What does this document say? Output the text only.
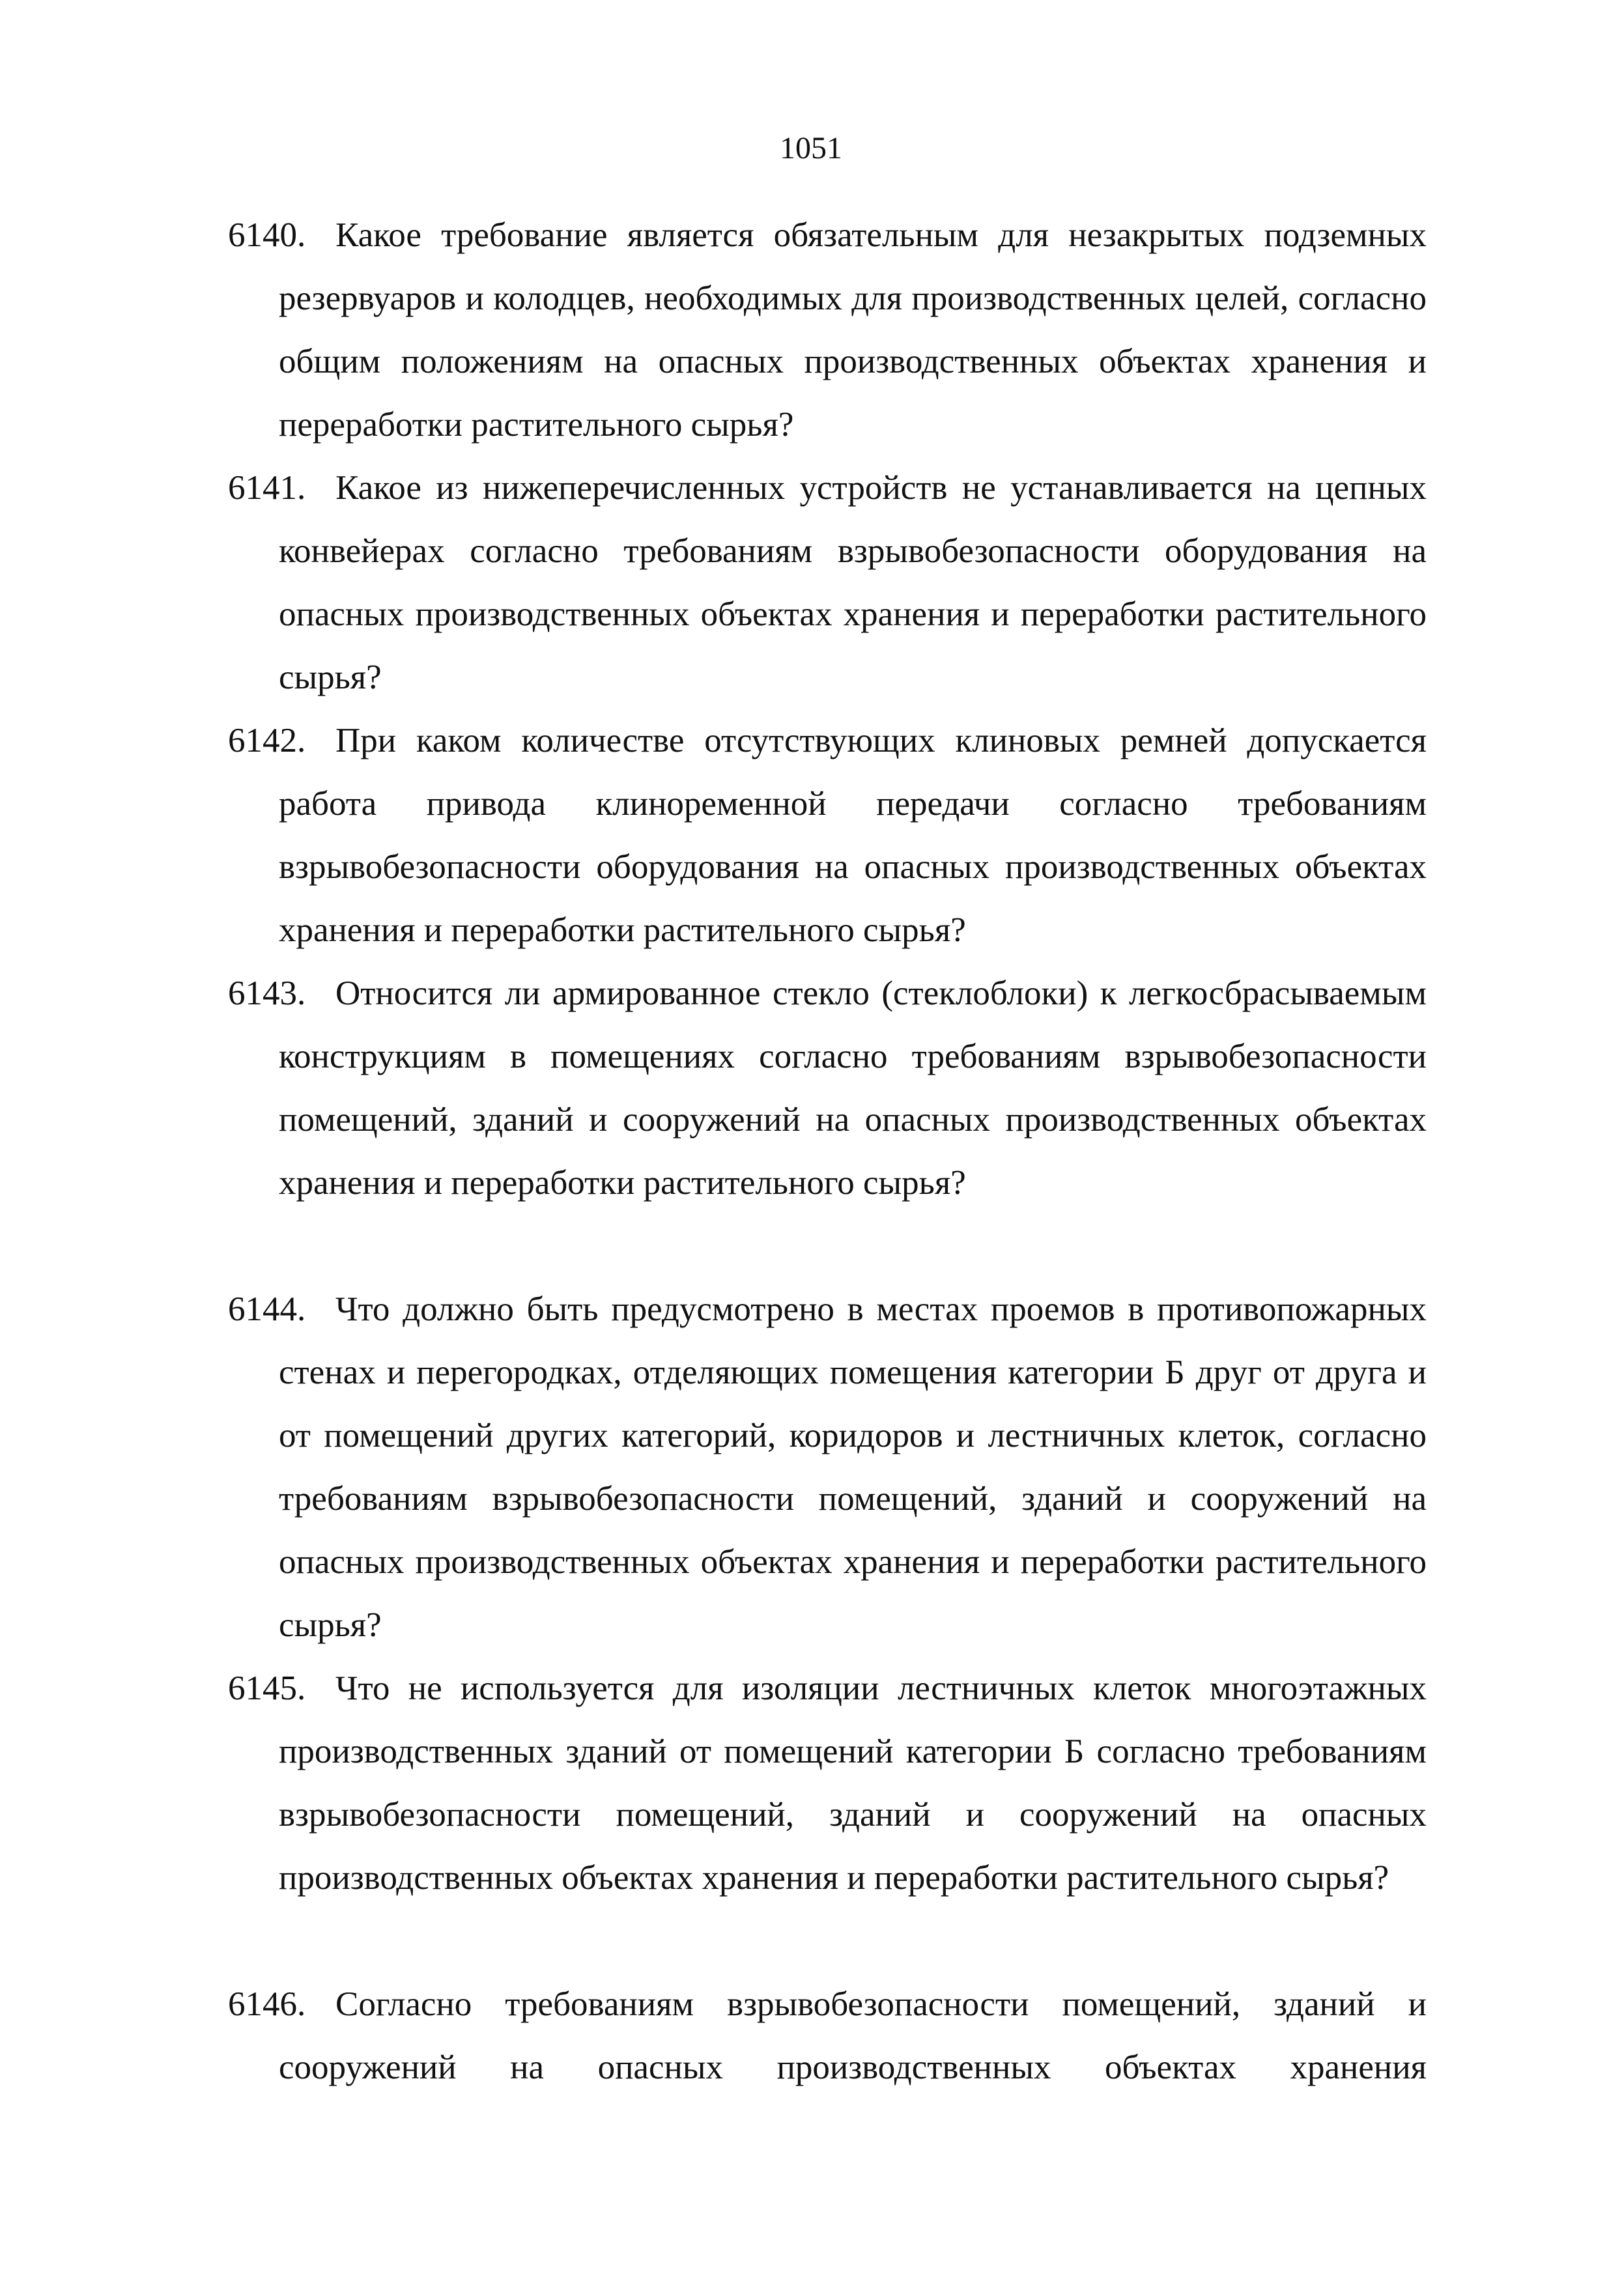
1051
6140. Какое требование является обязательным для незакрытых подземных резервуаров и колодцев, необходимых для производственных целей, согласно общим положениям на опасных производственных объектах хранения и переработки растительного сырья?
6141. Какое из нижеперечисленных устройств не устанавливается на цепных конвейерах согласно требованиям взрывобезопасности оборудования на опасных производственных объектах хранения и переработки растительного сырья?
6142. При каком количестве отсутствующих клиновых ремней допускается работа привода клиноременной передачи согласно требованиям взрывобезопасности оборудования на опасных производственных объектах хранения и переработки растительного сырья?
6143. Относится ли армированное стекло (стеклоблоки) к легкосбрасываемым конструкциям в помещениях согласно требованиям взрывобезопасности помещений, зданий и сооружений на опасных производственных объектах хранения и переработки растительного сырья?
6144. Что должно быть предусмотрено в местах проемов в противопожарных стенах и перегородках, отделяющих помещения категории Б друг от друга и от помещений других категорий, коридоров и лестничных клеток, согласно требованиям взрывобезопасности помещений, зданий и сооружений на опасных производственных объектах хранения и переработки растительного сырья?
6145. Что не используется для изоляции лестничных клеток многоэтажных производственных зданий от помещений категории Б согласно требованиям взрывобезопасности помещений, зданий и сооружений на опасных производственных объектах хранения и переработки растительного сырья?
6146. Согласно требованиям взрывобезопасности помещений, зданий и сооружений на опасных производственных объектах хранения
